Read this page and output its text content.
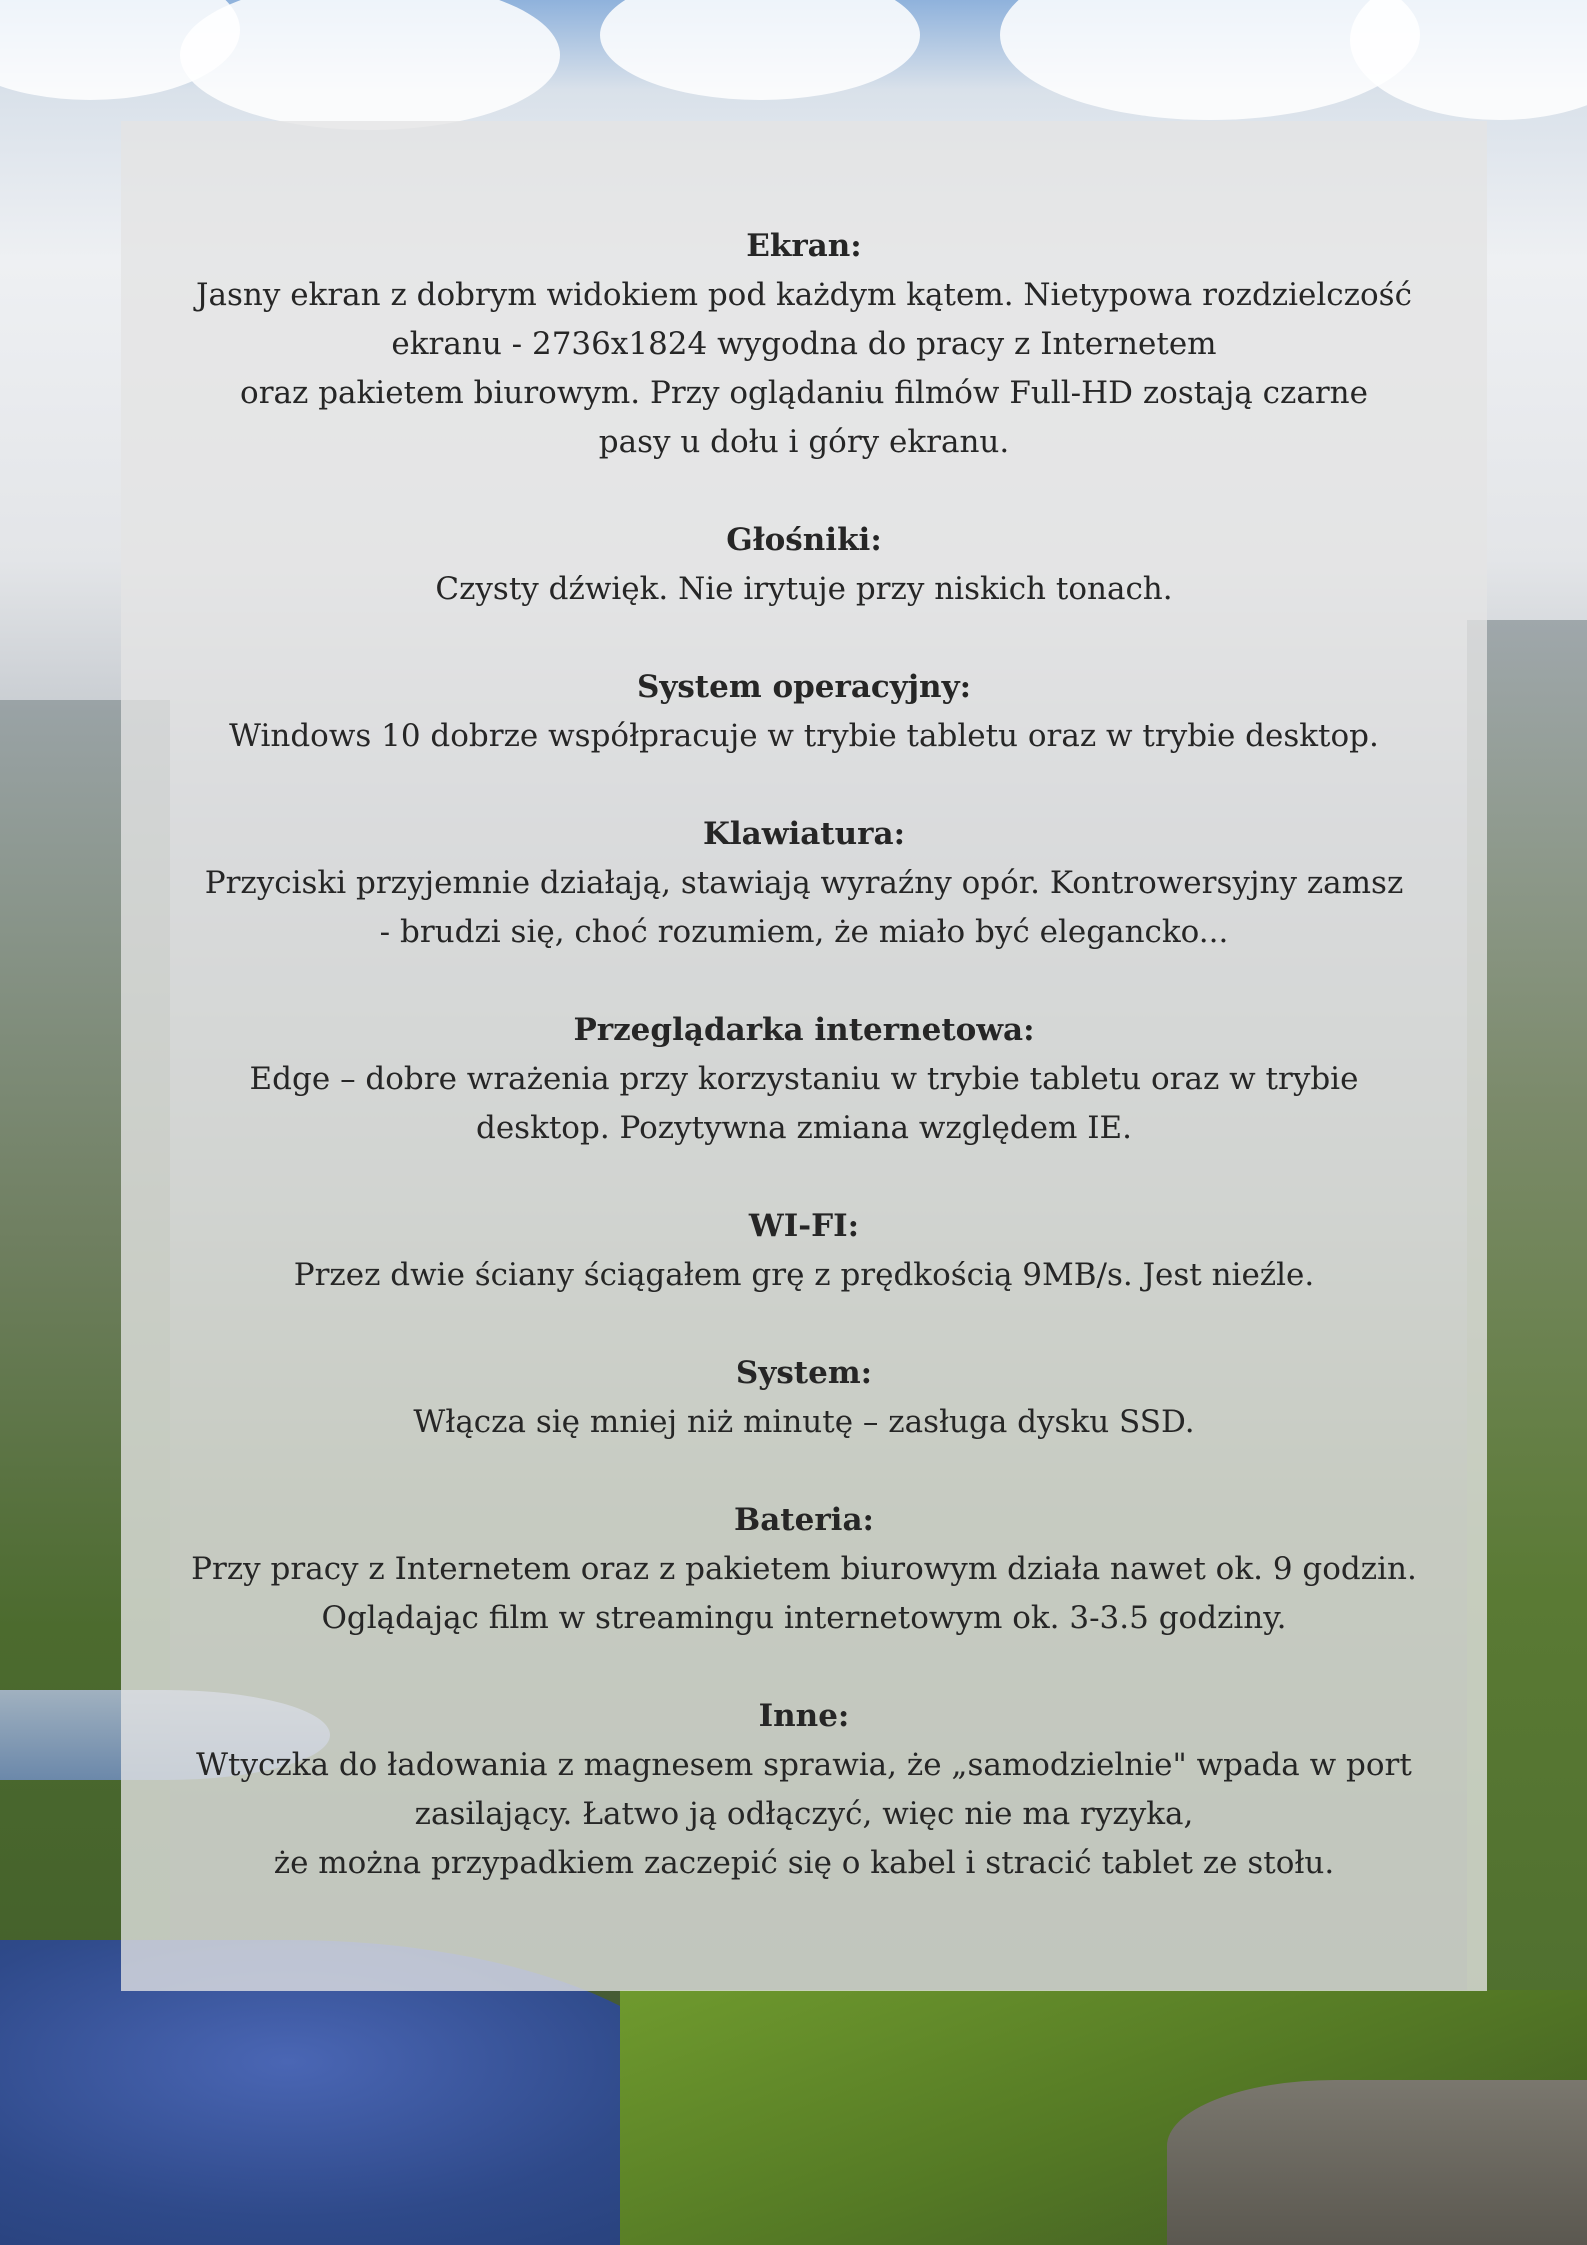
Ekran:
Jasny ekran z dobrym widokiem pod każdym kątem. Nietypowa rozdzielczość
ekranu - 2736x1824 wygodna do pracy z Internetem
oraz pakietem biurowym. Przy oglądaniu filmów Full-HD zostają czarne
pasy u dołu i góry ekranu.
Głośniki:
Czysty dźwięk. Nie irytuje przy niskich tonach.
System operacyjny:
Windows 10 dobrze współpracuje w trybie tabletu oraz w trybie desktop.
Klawiatura:
Przyciski przyjemnie działają, stawiają wyraźny opór. Kontrowersyjny zamsz
- brudzi się, choć rozumiem, że miało być elegancko...
Przeglądarka internetowa:
Edge – dobre wrażenia przy korzystaniu w trybie tabletu oraz w trybie
desktop. Pozytywna zmiana względem IE.
WI-FI:
Przez dwie ściany ściągałem grę z prędkością 9MB/s. Jest nieźle.
System:
Włącza się mniej niż minutę – zasługa dysku SSD.
Bateria:
Przy pracy z Internetem oraz z pakietem biurowym działa nawet ok. 9 godzin.
Oglądając film w streamingu internetowym ok. 3-3.5 godziny.
Inne:
Wtyczka do ładowania z magnesem sprawia, że „samodzielnie" wpada w port
zasilający. Łatwo ją odłączyć, więc nie ma ryzyka,
że można przypadkiem zaczepić się o kabel i stracić tablet ze stołu.
